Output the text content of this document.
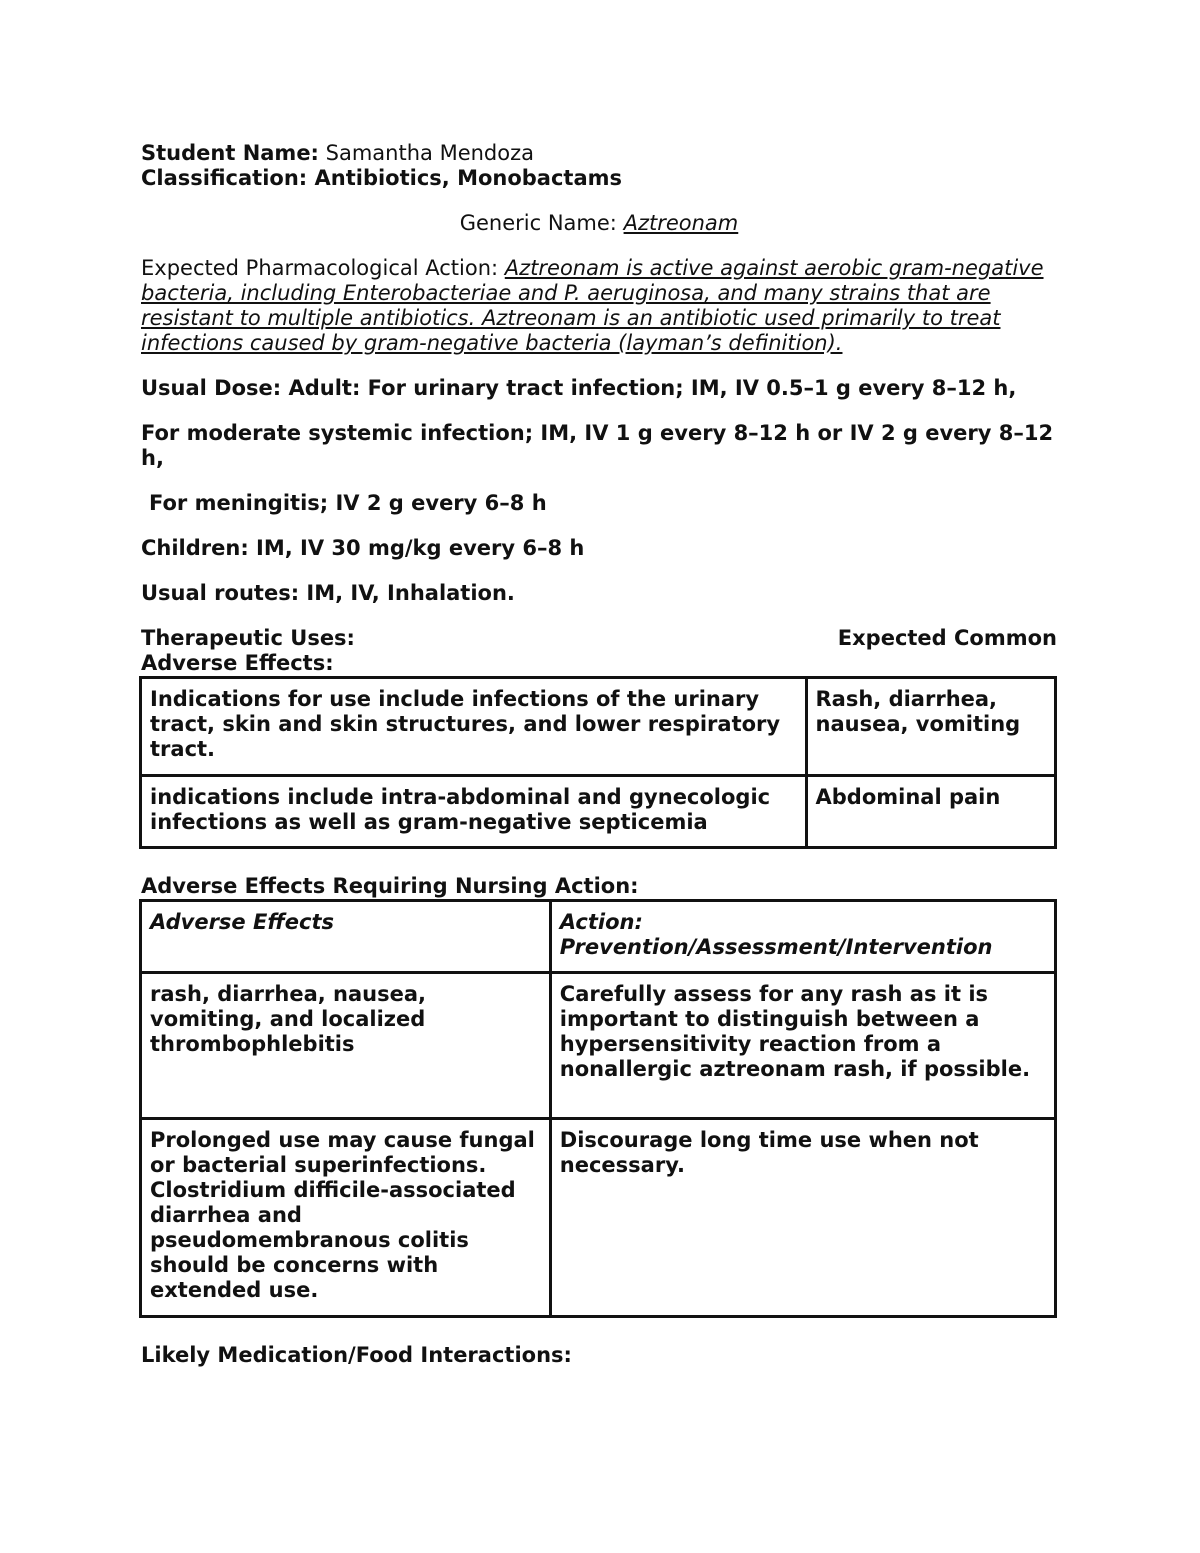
Student Name: Samantha Mendoza

Classification: Antibiotics, Monobactams

Generic Name: Aztreonam

Expected Pharmacological Action: Aztreonam is active against aerobic gram-negative bacteria, including Enterobacteriae and P. aeruginosa, and many strains that are resistant to multiple antibiotics. Aztreonam is an antibiotic used primarily to treat infections caused by gram-negative bacteria (layman’s definition).

Usual Dose: Adult: For urinary tract infection; IM, IV 0.5–1 g every 8–12 h,

For moderate systemic infection; IM, IV 1 g every 8–12 h or IV 2 g every 8–12 h,

For meningitis; IV 2 g every 6–8 h

Children: IM, IV 30 mg/kg every 6–8 h

Usual routes: IM, IV, Inhalation.

Therapeutic Uses:	Expected Common
Adverse Effects:
Indications for use include infections of the urinary tract, skin and skin structures, and lower respiratory tract.	Rash, diarrhea, nausea, vomiting
indications include intra-abdominal and gynecologic infections as well as gram-negative septicemia	Abdominal pain

Adverse Effects Requiring Nursing Action:

Adverse Effects	Action:
Prevention/Assessment/Intervention

rash, diarrhea, nausea, vomiting, and localized thrombophlebitis	Carefully assess for any rash as it is important to distinguish between a hypersensitivity reaction from a nonallergic aztreonam rash, if possible.
Prolonged use may cause fungal or bacterial superinfections. Clostridium difficile-associated diarrhea and pseudomembranous colitis should be concerns with extended use.	Discourage long time use when not necessary.

Likely Medication/Food Interactions:
